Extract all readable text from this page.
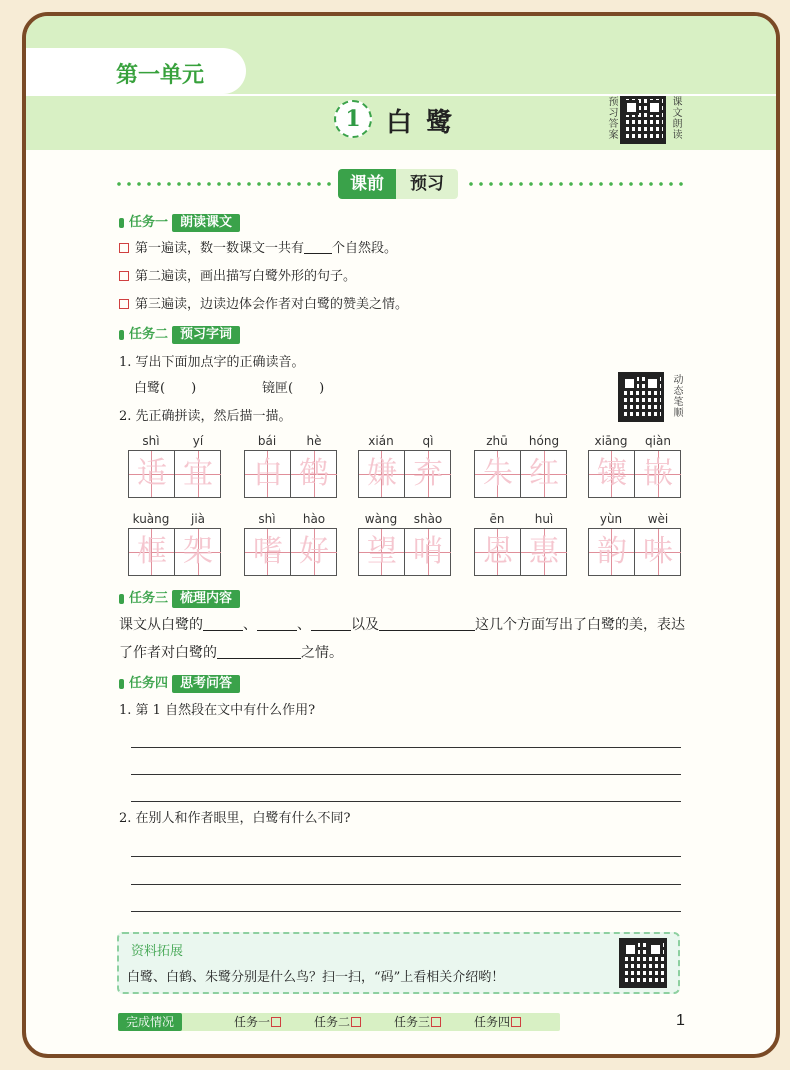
第一单元
1 白鹭	预习答案	课文朗读
课前	预习
任务一 朗读课文
第一遍读，数一数课文一共有 个自然段。
第二遍读，画出描写白鹭外形的句子。
第三遍读，边读边体会作者对白鹭的赞美之情。
任务二 预习字词
1. 写出下面加点字的正确读音。
白鹭(　　)	镜匣(　　)	动态笔顺
2. 先正确拼读，然后描一描。
shì	yí
适 宜
bái	hè
白 鹤
xián	qì
嫌 弃
zhū	hóng
朱 红
xiāng	qiàn
镶 嵌
kuàng	jià
框 架
shì	hào
嗜 好
wàng	shào
望 哨
ēn	huì
恩 惠
yùn	wèi
韵 味
任务三 梳理内容
课文从白鹭的	、	、	以及	这几个方面写出了白鹭的美，表达
了作者对白鹭的	之情。
任务四 思考问答
1. 第 1 自然段在文中有什么作用?
2. 在别人和作者眼里，白鹭有什么不同?
资料拓展
白鹭、白鹤、朱鹭分别是什么鸟？扫一扫，“码”上看相关介绍哟！
完成情况	任务一	任务二	任务三	任务四	1
